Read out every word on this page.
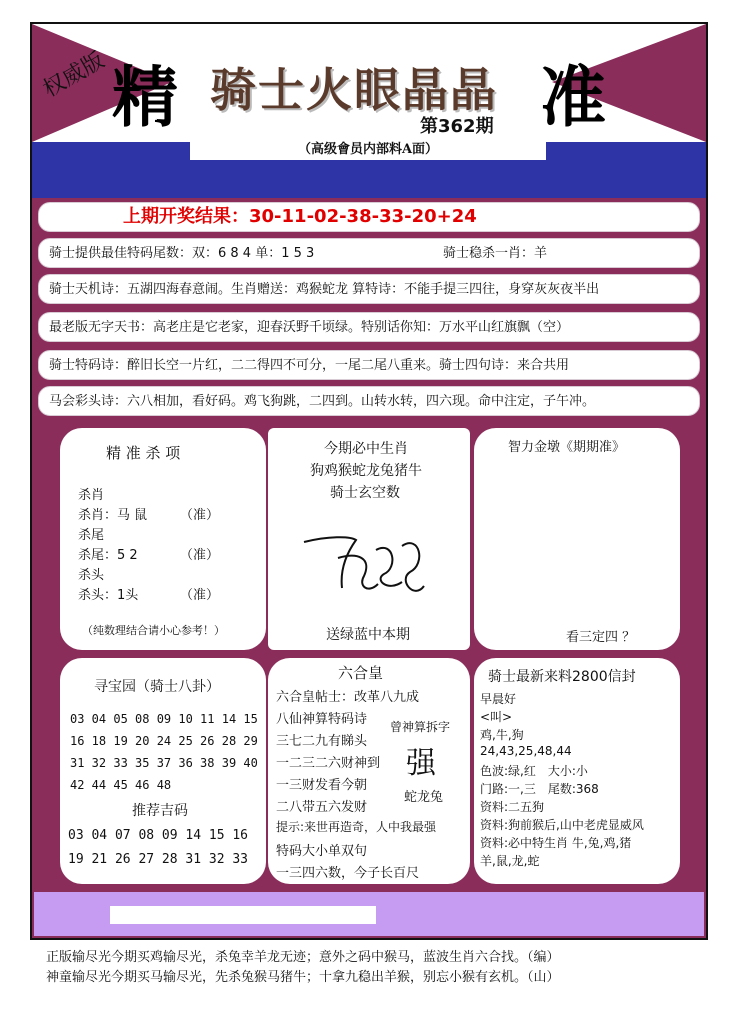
权威版 精 骑士火眼晶晶 准
第362期
（高级會员内部料A面）
上期开奖结果：30-11-02-38-33-20+24
骑士提供最佳特码尾数：双：6 8 4 单：1 5 3	骑士稳杀一肖：羊
骑士天机诗：五湖四海春意闹。生肖赠送：鸡猴蛇龙 算特诗：不能手提三四往，身穿灰灰夜半出
最老版无字天书：高老庄是它老家，迎春沃野千顷绿。特别话你知：万水平山红旗飘（空）
骑士特码诗：醉旧长空一片红，二二得四不可分，一尾二尾八重来。骑士四句诗：来合共用
马会彩头诗：六八相加，看好码。鸡飞狗跳，二四到。山转水转，四六现。命中注定，子午冲。
精 准 杀 项
杀肖
杀肖：马 鼠	（准）
杀尾
杀尾：5 2	（准）
杀头
杀头：1头	（准）
（纯数理结合请小心参考！）
今期必中生肖
狗鸡猴蛇龙兔猪牛
骑士玄空数
送绿蓝中本期
智力金墩《期期准》
看三定四 ？
寻宝园（骑士八卦）
03 04 05 08 09 10 11 14 15
16 18 19 20 24 25 26 28 29
31 32 33 35 37 36 38 39 40
42 44 45 46 48
推荐吉码
03 04 07 08 09 14 15 16
19 21 26 27 28 31 32 33
六合皇
六合皇帖士：改革八九成
八仙神算特码诗
三七二九有睇头
一二三二六财神到
一三财发看今朝
二八带五六发财
提示:来世再造奇，人中我最强
特码大小单双句
一三四六数，今子长百尺
曾神算拆字
强
蛇龙兔
骑士最新来料2800信封
早晨好
<叫>
鸡,牛,狗
24,43,25,48,44
色波:绿,红　大小:小
门路:一,三　尾数:368
资料:二五狗
资料:狗前猴后,山中老虎显威风
资料:必中特生肖 牛,兔,鸡,猪
羊,鼠,龙,蛇
正版输尽光今期买鸡输尽光，杀兔幸羊龙无迹；意外之码中猴马，蓝波生肖六合找。（编）
神童输尽光今期买马输尽光，先杀兔猴马猪牛；十拿九稳出羊猴，别忘小猴有玄机。（山）
